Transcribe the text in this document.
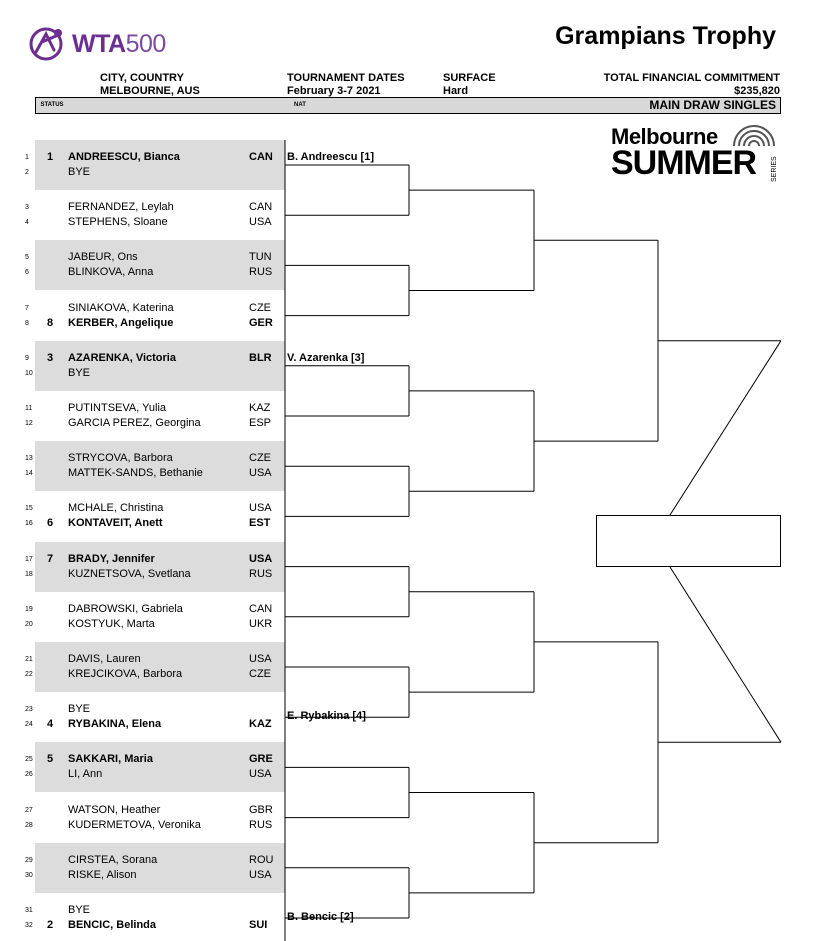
WTA500	Grampians Trophy
CITY, COUNTRY
MELBOURNE, AUS
TOURNAMENT DATES
February 3-7 2021
SURFACE
Hard
TOTAL FINANCIAL COMMITMENT
$235,820
STATUS	NAT	MAIN DRAW SINGLES
Melbourne
SUMMER SERIES
1	1 ANDREESCU, Bianca	CAN
2	BYE
3	FERNANDEZ, Leylah	CAN
4	STEPHENS, Sloane	USA
5	JABEUR, Ons	TUN
6	BLINKOVA, Anna	RUS
7	SINIAKOVA, Katerina	CZE
8	8 KERBER, Angelique	GER
9	3 AZARENKA, Victoria	BLR
10	BYE
11	PUTINTSEVA, Yulia	KAZ
12	GARCIA PEREZ, Georgina	ESP
13	STRYCOVA, Barbora	CZE
14	MATTEK-SANDS, Bethanie	USA
15	MCHALE, Christina	USA
16	6 KONTAVEIT, Anett	EST
17	7 BRADY, Jennifer	USA
18	KUZNETSOVA, Svetlana	RUS
19	DABROWSKI, Gabriela	CAN
20	KOSTYUK, Marta	UKR
21	DAVIS, Lauren	USA
22	KREJCIKOVA, Barbora	CZE
23	BYE
24	4 RYBAKINA, Elena	KAZ
25	5 SAKKARI, Maria	GRE
26	LI, Ann	USA
27	WATSON, Heather	GBR
28	KUDERMETOVA, Veronika	RUS
29	CIRSTEA, Sorana	ROU
30	RISKE, Alison	USA
31	BYE
32	2 BENCIC, Belinda	SUI
B. Andreescu [1]
V. Azarenka [3]
E. Rybakina [4]
B. Bencic [2]
